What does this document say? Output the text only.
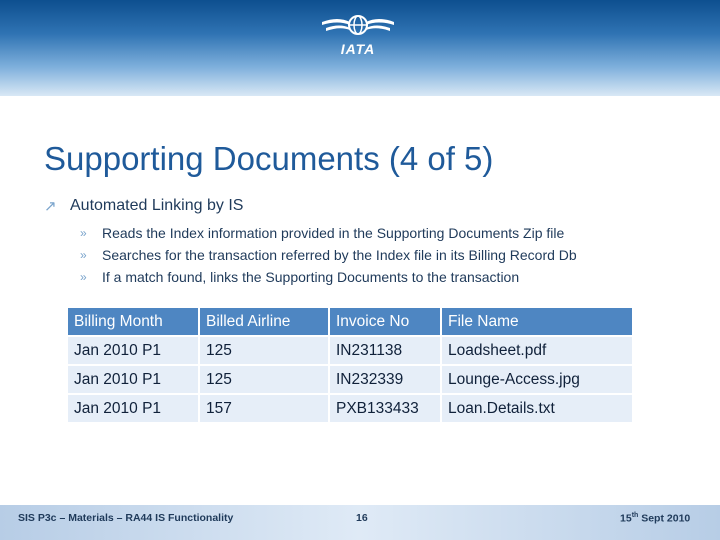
IATA
Supporting Documents (4 of 5)
↗ Automated Linking by IS
»	Reads the Index information provided in the Supporting Documents Zip file
»	Searches for the transaction referred by the Index file in its Billing Record Db
»	If a match found, links the Supporting Documents to the transaction
Billing Month	Billed Airline	Invoice No	File Name
Jan 2010 P1	125	IN231138	Loadsheet.pdf
Jan 2010 P1	125	IN232339	Lounge-Access.jpg
Jan 2010 P1	157	PXB133433	Loan.Details.txt
SIS P3c – Materials – RA44 IS Functionality	16	15th Sept 2010
